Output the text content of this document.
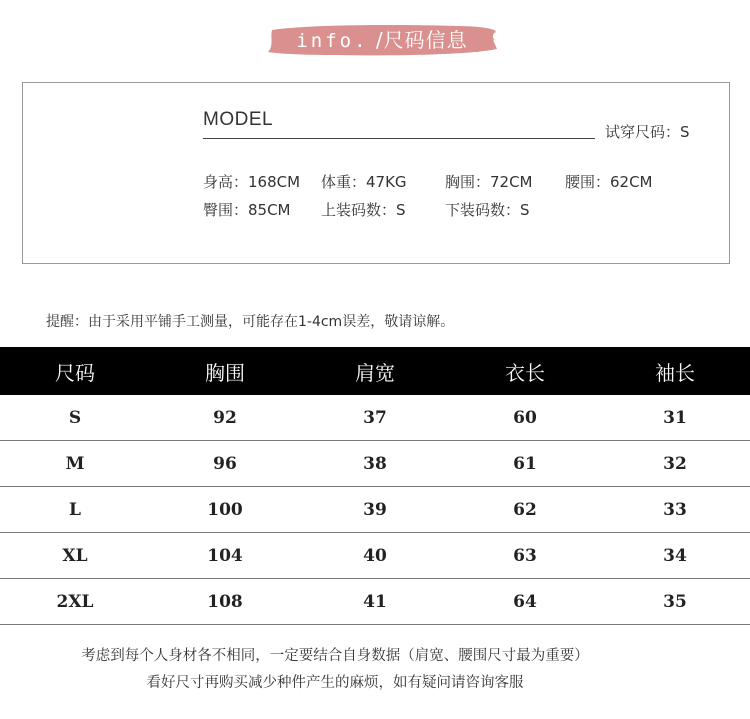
info. /尺码信息
MODEL
试穿尺码：S
身高：168CM 体重：47KG	胸围：72CM 腰围：62CM
臀围：85CM 上装码数：S	下装码数：S
提醒：由于采用平铺手工测量，可能存在1-4cm误差，敬请谅解。
尺码	胸围	肩宽	衣长	袖长
S	92	37	60	31
M	96	38	61	32
L	100	39	62	33
XL	104	40	63	34
2XL	108	41	64	35
考虑到每个人身材各不相同，一定要结合自身数据（肩宽、腰围尺寸最为重要）
看好尺寸再购买减少种件产生的麻烦，如有疑问请咨询客服
